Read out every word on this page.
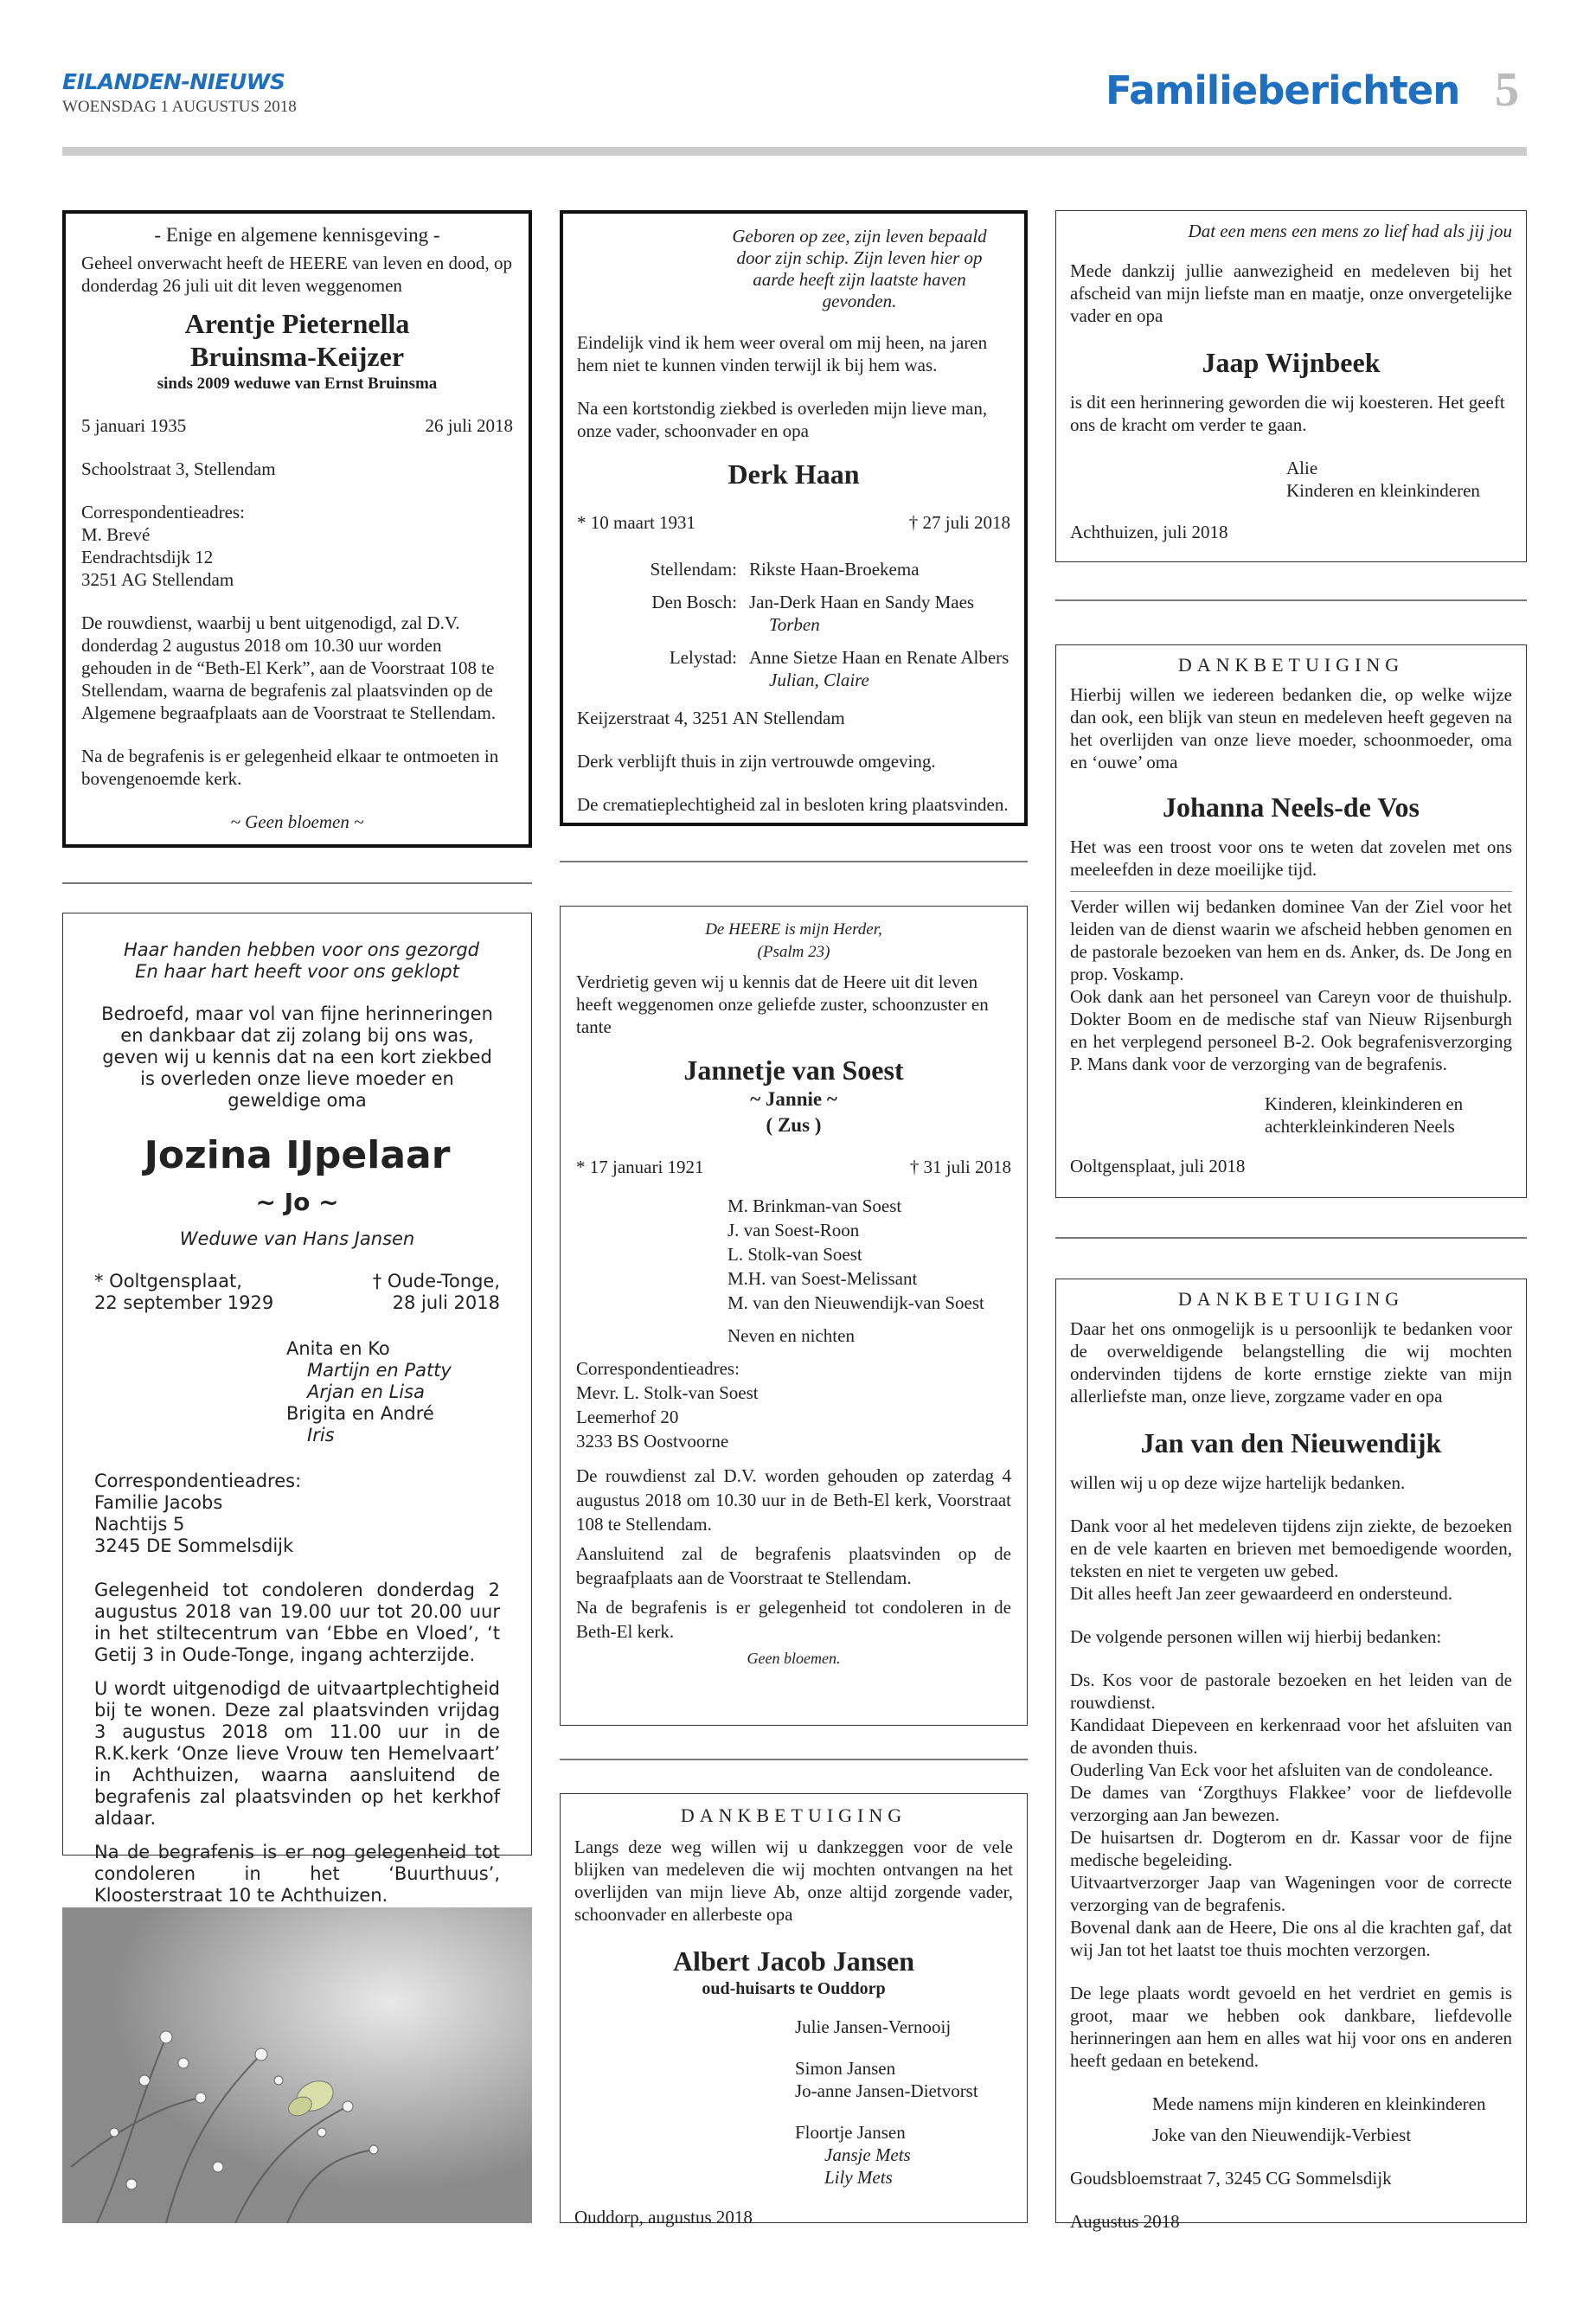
EILANDEN-NIEUWS
WOENSDAG 1 AUGUSTUS 2018	Familieberichten 5
- Enige en algemene kennisgeving -
Geheel onverwacht heeft de HEERE van leven en dood, op donderdag 26 juli uit dit leven weggenomen
Arentje Pieternella
Bruinsma-Keijzer
sinds 2009 weduwe van Ernst Bruinsma
5 januari 1935	26 juli 2018

Schoolstraat 3, Stellendam

Correspondentieadres:
M. Brevé
Eendrachtsdijk 12
3251 AG Stellendam

De rouwdienst, waarbij u bent uitgenodigd, zal D.V. donderdag 2 augustus 2018 om 10.30 uur worden gehouden in de “Beth-El Kerk”, aan de Voorstraat 108 te Stellendam, waarna de begrafenis zal plaatsvinden op de Algemene begraafplaats aan de Voorstraat te Stellendam.

Na de begrafenis is er gelegenheid elkaar te ontmoeten in bovengenoemde kerk.

~ Geen bloemen ~
Haar handen hebben voor ons gezorgd
En haar hart heeft voor ons geklopt
Bedroefd, maar vol van fijne herinneringen en dankbaar dat zij zolang bij ons was, geven wij u kennis dat na een kort ziekbed is overleden onze lieve moeder en geweldige oma
Jozina IJpelaar
~ Jo ~
Weduwe van Hans Jansen
* Ooltgensplaat,	† Oude-Tonge,
22 september 1929	28 juli 2018
Anita en Ko
Martijn en Patty
Arjan en Lisa
Brigita en André
Iris
Correspondentieadres:
Familie Jacobs
Nachtijs 5
3245 DE Sommelsdijk
Gelegenheid tot condoleren donderdag 2 augustus 2018 van 19.00 uur tot 20.00 uur in het stiltecentrum van ‘Ebbe en Vloed’, ‘t Getij 3 in Oude-Tonge, ingang achterzijde.
U wordt uitgenodigd de uitvaartplechtigheid bij te wonen. Deze zal plaatsvinden vrijdag 3 augustus 2018 om 11.00 uur in de R.K.kerk ‘Onze lieve Vrouw ten Hemelvaart’ in Achthuizen, waarna aansluitend de begrafenis zal plaatsvinden op het kerkhof aldaar.
Na de begrafenis is er nog gelegenheid tot condoleren in het ‘Buurthuus’, Kloosterstraat 10 te Achthuizen.
Geboren op zee, zijn leven bepaald door zijn schip. Zijn leven hier op aarde heeft zijn laatste haven gevonden.

Eindelijk vind ik hem weer overal om mij heen, na jaren hem niet te kunnen vinden terwijl ik bij hem was.

Na een kortstondig ziekbed is overleden mijn lieve man, onze vader, schoonvader en opa
Derk Haan
* 10 maart 1931	† 27 juli 2018
Stellendam: Rikste Haan-Broekema
Den Bosch: Jan-Derk Haan en Sandy Maes
Torben
Lelystad: Anne Sietze Haan en Renate Albers
Julian, Claire

Keijzerstraat 4, 3251 AN Stellendam

Derk verblijft thuis in zijn vertrouwde omgeving.

De crematieplechtigheid zal in besloten kring plaatsvinden.
De HEERE is mijn Herder,
(Psalm 23)
Verdrietig geven wij u kennis dat de Heere uit dit leven heeft weggenomen onze geliefde zuster, schoonzuster en tante
Jannetje van Soest
~ Jannie ~
( Zus )
* 17 januari 1921	† 31 juli 2018
M. Brinkman-van Soest
J. van Soest-Roon
L. Stolk-van Soest
M.H. van Soest-Melissant
M. van den Nieuwendijk-van Soest
Neven en nichten
Correspondentieadres:
Mevr. L. Stolk-van Soest
Leemerhof 20
3233 BS Oostvoorne
De rouwdienst zal D.V. worden gehouden op zaterdag 4 augustus 2018 om 10.30 uur in de Beth-El kerk, Voorstraat 108 te Stellendam.
Aansluitend zal de begrafenis plaatsvinden op de begraafplaats aan de Voorstraat te Stellendam.
Na de begrafenis is er gelegenheid tot condoleren in de Beth-El kerk.
Geen bloemen.
DANKBETUIGING
Langs deze weg willen wij u dankzeggen voor de vele blijken van medeleven die wij mochten ontvangen na het overlijden van mijn lieve Ab, onze altijd zorgende vader, schoonvader en allerbeste opa
Albert Jacob Jansen
oud-huisarts te Ouddorp
Julie Jansen-Vernooij
Simon Jansen
Jo-anne Jansen-Dietvorst
Floortje Jansen
Jansje Mets
Lily Mets
Ouddorp, augustus 2018
Dat een mens een mens zo lief had als jij jou
Mede dankzij jullie aanwezigheid en medeleven bij het afscheid van mijn liefste man en maatje, onze onvergetelijke vader en opa
Jaap Wijnbeek
is dit een herinnering geworden die wij koesteren. Het geeft ons de kracht om verder te gaan.
Alie
Kinderen en kleinkinderen
Achthuizen, juli 2018
DANKBETUIGING
Hierbij willen we iedereen bedanken die, op welke wijze dan ook, een blijk van steun en medeleven heeft gegeven na het overlijden van onze lieve moeder, schoonmoeder, oma en ‘ouwe’ oma
Johanna Neels-de Vos
Het was een troost voor ons te weten dat zovelen met ons meeleefden in deze moeilijke tijd.
Verder willen wij bedanken dominee Van der Ziel voor het leiden van de dienst waarin we afscheid hebben genomen en de pastorale bezoeken van hem en ds. Anker, ds. De Jong en prop. Voskamp.
Ook dank aan het personeel van Careyn voor de thuishulp. Dokter Boom en de medische staf van Nieuw Rijsenburgh en het verplegend personeel B-2. Ook begrafenisverzorging P. Mans dank voor de verzorging van de begrafenis.
Kinderen, kleinkinderen en
achterkleinkinderen Neels
Ooltgensplaat, juli 2018
DANKBETUIGING
Daar het ons onmogelijk is u persoonlijk te bedanken voor de overweldigende belangstelling die wij mochten ondervinden tijdens de korte ernstige ziekte van mijn allerliefste man, onze lieve, zorgzame vader en opa
Jan van den Nieuwendijk

willen wij u op deze wijze hartelijk bedanken.

Dank voor al het medeleven tijdens zijn ziekte, de bezoeken en de vele kaarten en brieven met bemoedigende woorden, teksten en niet te vergeten uw gebed.

Dit alles heeft Jan zeer gewaardeerd en ondersteund.

De volgende personen willen wij hierbij bedanken:

Ds. Kos voor de pastorale bezoeken en het leiden van de rouwdienst.
Kandidaat Diepeveen en kerkenraad voor het afsluiten van de avonden thuis.
Ouderling Van Eck voor het afsluiten van de condoleance.
De dames van ‘Zorgthuys Flakkee’ voor de liefdevolle verzorging aan Jan bewezen.
De huisartsen dr. Dogterom en dr. Kassar voor de fijne medische begeleiding.
Uitvaartverzorger Jaap van Wageningen voor de correcte verzorging van de begrafenis.
Bovenal dank aan de Heere, Die ons al die krachten gaf, dat wij Jan tot het laatst toe thuis mochten verzorgen.

De lege plaats wordt gevoeld en het verdriet en gemis is groot, maar we hebben ook dankbare, liefdevolle herinneringen aan hem en alles wat hij voor ons en anderen heeft gedaan en betekend.

Mede namens mijn kinderen en kleinkinderen
Joke van den Nieuwendijk-Verbiest

Goudsbloemstraat 7, 3245 CG Sommelsdijk

Augustus 2018
